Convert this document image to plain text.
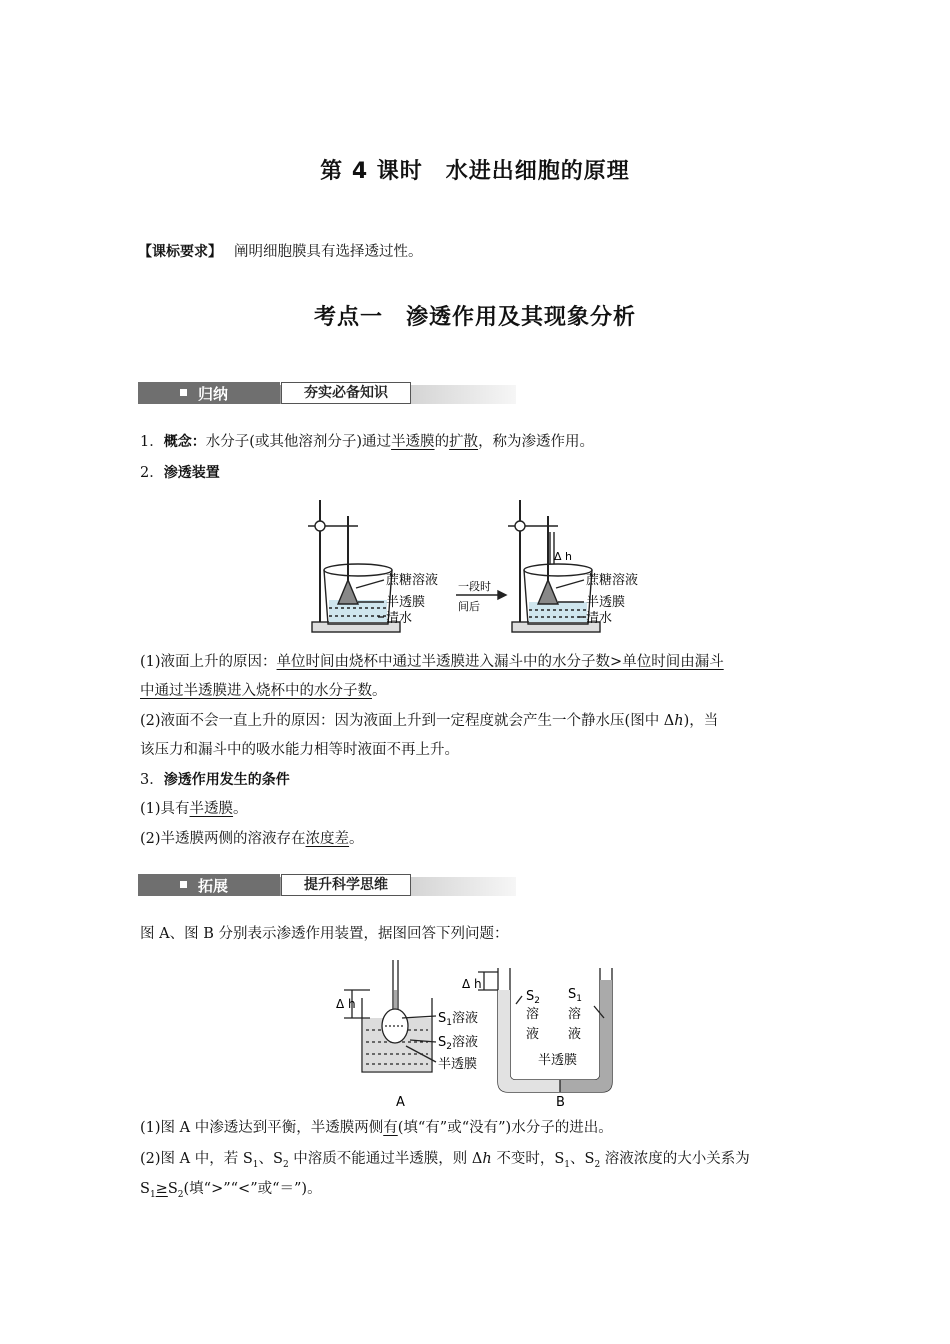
第 4 课时　水进出细胞的原理
【课标要求】 阐明细胞膜具有选择透过性。
考点一　渗透作用及其现象分析
归纳	夯实必备知识
1．概念：水分子(或其他溶剂分子)通过半透膜的扩散，称为渗透作用。
2．渗透装置
蔗糖溶液
半透膜
清水
一段时
间后
Δ h
蔗糖溶液
半透膜
清水
(1)液面上升的原因：单位时间由烧杯中通过半透膜进入漏斗中的水分子数>单位时间由漏斗
中通过半透膜进入烧杯中的水分子数。
(2)液面不会一直上升的原因：因为液面上升到一定程度就会产生一个静水压(图中 Δh)，当
该压力和漏斗中的吸水能力相等时液面不再上升。
3．渗透作用发生的条件
(1)具有半透膜。
(2)半透膜两侧的溶液存在浓度差。
拓展	提升科学思维
图 A、图 B 分别表示渗透作用装置，据图回答下列问题：
Δ h
$S_1$溶液
$S_2$溶液
半透膜
A
Δ h
$S_2$
溶
液
$S_1$
溶
液
半透膜
B
(1)图 A 中渗透达到平衡，半透膜两侧有(填“有”或“没有”)水分子的进出。
(2)图 A 中，若 $S_1$、$S_2$ 中溶质不能通过半透膜，则 Δh 不变时，$S_1$、$S_2$ 溶液浓度的大小关系为
$S_1\ge S_2$(填“>”“<”或“＝”)。
